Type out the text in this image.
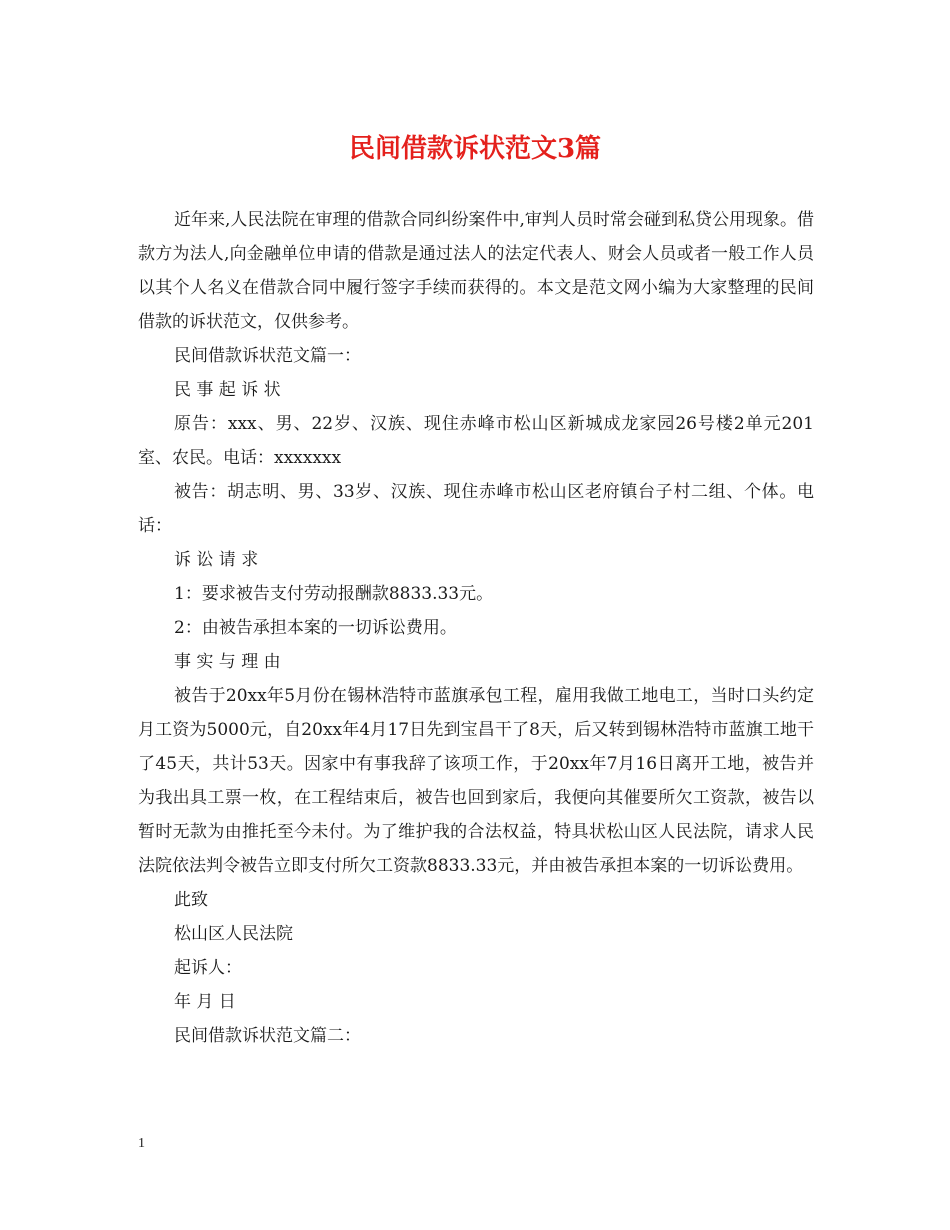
民间借款诉状范文3篇

近年来,人民法院在审理的借款合同纠纷案件中,审判人员时常会碰到私贷公用现象。借款方为法人,向金融单位申请的借款是通过法人的法定代表人、财会人员或者一般工作人员以其个人名义在借款合同中履行签字手续而获得的。本文是范文网小编为大家整理的民间借款的诉状范文，仅供参考。

民间借款诉状范文篇一：

民 事 起 诉 状

原告：xxx、男、22岁、汉族、现住赤峰市松山区新城成龙家园26号楼2单元201室、农民。电话：xxxxxxx

被告：胡志明、男、33岁、汉族、现住赤峰市松山区老府镇台子村二组、个体。电话：

诉 讼 请 求

1：要求被告支付劳动报酬款8833.33元。

2：由被告承担本案的一切诉讼费用。

事 实 与 理 由

被告于20xx年5月份在锡林浩特市蓝旗承包工程，雇用我做工地电工，当时口头约定月工资为5000元，自20xx年4月17日先到宝昌干了8天，后又转到锡林浩特市蓝旗工地干了45天，共计53天。因家中有事我辞了该项工作，于20xx年7月16日离开工地，被告并为我出具工票一枚，在工程结束后，被告也回到家后，我便向其催要所欠工资款，被告以暂时无款为由推托至今未付。为了维护我的合法权益，特具状松山区人民法院，请求人民法院依法判令被告立即支付所欠工资款8833.33元，并由被告承担本案的一切诉讼费用。

此致

松山区人民法院

起诉人：

年 月 日

民间借款诉状范文篇二：

1
